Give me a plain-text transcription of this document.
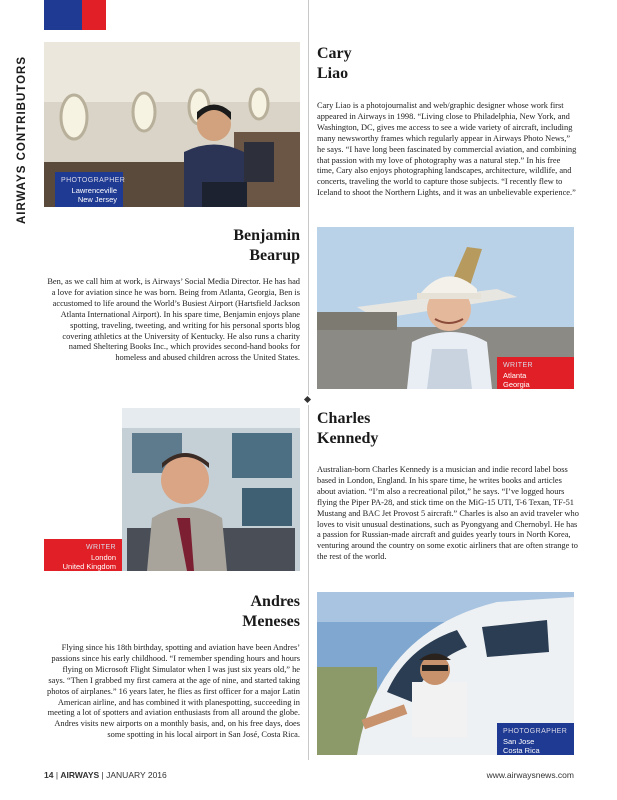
AIRWAYS CONTRIBUTORS	PHOTOGRAPHER
Lawrenceville
New Jersey
Cary
Liao
Cary Liao is a photojournalist and web/graphic designer whose work first appeared in Airways in 1998. “Living close to Philadelphia, New York, and Washington, DC, gives me access to see a wide variety of aircraft, including many newsworthy frames which regularly appear in Airways Photo News,” he says. “I have long been fascinated by commercial aviation, and combining that passion with my love of photography was a natural step.” In his free time, Cary also enjoys photographing landscapes, architecture, wildlife, and concerts, traveling the world to capture those subjects. “I recently flew to Iceland to shoot the Northern Lights, and it was an unbelievable experience.”
Benjamin
Bearup
Ben, as we call him at work, is Airways’ Social Media Director. He has had a love for aviation since he was born. Being from Atlanta, Georgia, Ben is accustomed to life around the World’s Busiest Airport (Hartsfield Jackson Atlanta International Airport). In his spare time, Benjamin enjoys plane spotting, traveling, tweeting, and writing for his personal sports blog covering athletics at the University of Kentucky. He also runs a charity named Sheltering Books Inc., which provides second-hand books for homeless and abused children across the United States.
WRITER
Atlanta
Georgia
WRITER
London
United Kingdom
Charles
Kennedy
Australian-born Charles Kennedy is a musician and indie record label boss based in London, England. In his spare time, he writes books and articles about aviation. “I’m also a recreational pilot,” he says. “I’ve logged hours flying the Piper PA-28, and stick time on the MiG-15 UTI, T-6 Texan, TF-51 Mustang and BAC Jet Provost 5 aircraft.” Charles is also an avid traveler who loves to visit unusual destinations, such as Pyongyang and Chernobyl. He has a passion for Russian-made aircraft and guides yearly tours in North Korea, venturing around the country on some exotic airliners that are often strange to the rest of the world.
Andres
Meneses
Flying since his 18th birthday, spotting and aviation have been Andres’ passions since his early childhood. “I remember spending hours and hours flying on Microsoft Flight Simulator when I was just six years old,” he says. “Then I grabbed my first camera at the age of nine, and started taking photos of airplanes.” 16 years later, he flies as first officer for a major Latin American airline, and has combined it with planespotting, succeeding in meeting a lot of spotters and aviation enthusiasts from all around the globe. Andres visits new airports on a monthly basis, and, on his free days, does some spotting in his local airport in San José, Costa Rica.	PHOTOGRAPHER
San Jose
Costa Rica
14 | AIRWAYS | JANUARY 2016	www.airwaysnews.com
